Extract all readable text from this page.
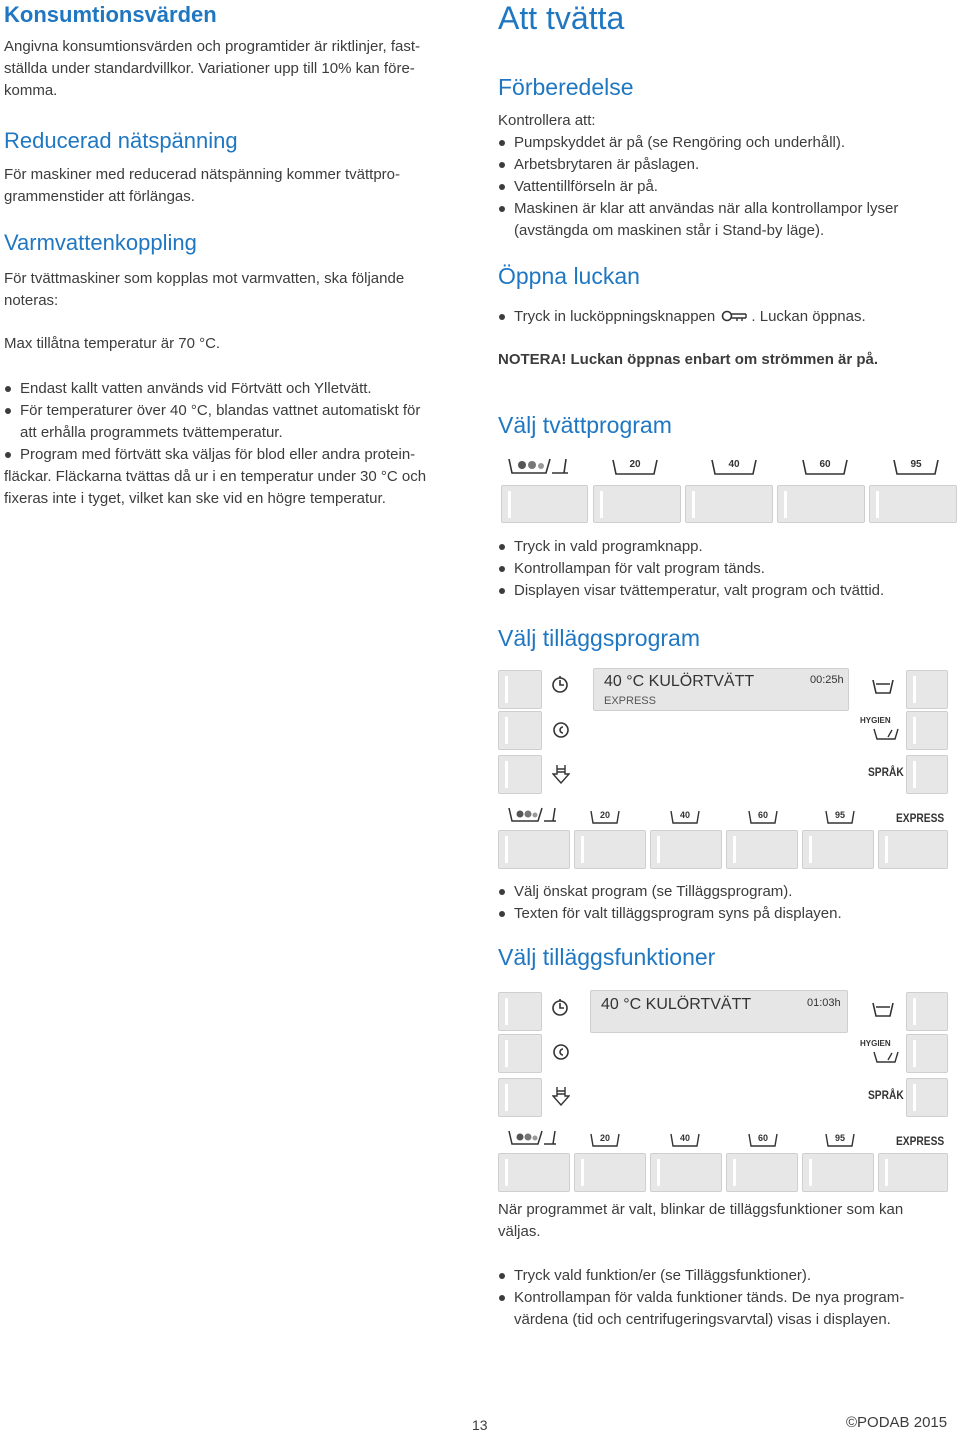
Konsumtionsvärden

Angivna konsumtionsvärden och programtider är riktlinjer, fast-

ställda under standardvillkor. Variationer upp till 10% kan före-

komma.

Reducerad nätspänning

För maskiner med reducerad nätspänning kommer tvättpro-

grammenstider att förlängas.

Varmvattenkoppling

För tvättmaskiner som kopplas mot varmvatten, ska följande

noteras:

Max tillåtna temperatur är 70 °C.

Endast kallt vatten används vid Förtvätt och Ylletvätt.
För temperaturer över 40 °C, blandas vattnet automatiskt för
att erhålla programmets tvättemperatur.
Program med förtvätt ska väljas för blod eller andra protein-

fläckar. Fläckarna tvättas då ur i en temperatur under 30 °C och

fixeras inte i tyget, vilket kan ske vid en högre temperatur.

Att tvätta
Förberedelse

Kontrollera att:

Pumpskyddet är på (se Rengöring och underhåll).
Arbetsbrytaren är påslagen.
Vattentillförseln är på.
Maskinen är klar att användas när alla kontrollampor lyser
(avstängda om maskinen står i Stand-by läge).
Öppna luckan
Tryck in lucköppningsknappen . Luckan öppnas.

NOTERA! Luckan öppnas enbart om strömmen är på.

Välj tvättprogram
20	40	60	95
Tryck in vald programknapp.
Kontrollampan för valt program tänds.
Displayen visar tvättemperatur, valt program och tvättid.
Välj tilläggsprogram
40 °C KULÖRTVÄTT	00:25h
EXPRESS
HYGIEN
SPRÅK
20	40	60	95	EXPRESS
Välj önskat program (se Tilläggsprogram).
Texten för valt tilläggsprogram syns på displayen.
Välj tilläggsfunktioner
40 °C KULÖRTVÄTT	01:03h
HYGIEN
SPRÅK
20	40	60	95	EXPRESS

När programmet är valt, blinkar de tilläggsfunktioner som kan

väljas.

Tryck vald funktion/er (se Tilläggsfunktioner).
Kontrollampan för valda funktioner tänds. De nya program-
värdena (tid och centrifugeringsvarvtal) visas i displayen.
13	©PODAB 2015
